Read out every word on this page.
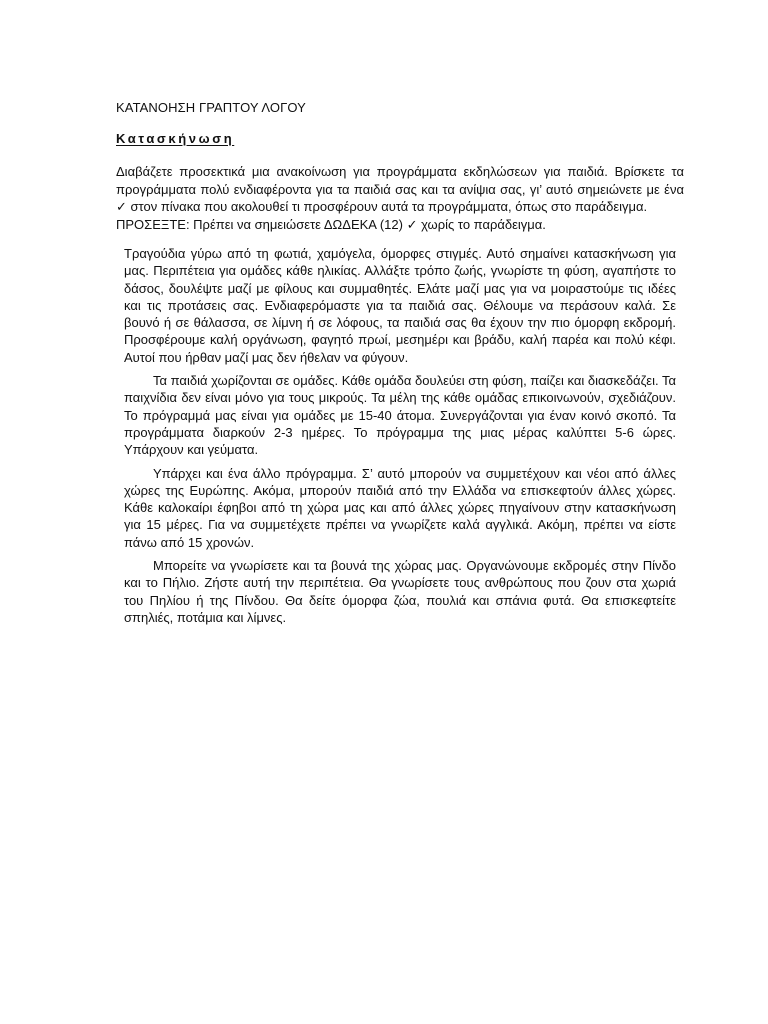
ΚΑΤΑΝΟΗΣΗ ΓΡΑΠΤΟΥ ΛΟΓΟΥ
Κατασκήνωση

Διαβάζετε προσεκτικά μια ανακοίνωση για προγράμματα εκδηλώσεων για παιδιά. Βρίσκετε τα προγράμματα πολύ ενδιαφέροντα για τα παιδιά σας και τα ανίψια σας, γι’ αυτό σημειώνετε με ένα ✓ στον πίνακα που ακολουθεί τι προσφέρουν αυτά τα προγράμματα, όπως στο παράδειγμα.

ΠΡΟΣΕΞΤΕ: Πρέπει να σημειώσετε ΔΩΔΕΚΑ (12) ✓ χωρίς το παράδειγμα.

Τραγούδια γύρω από τη φωτιά, χαμόγελα, όμορφες στιγμές. Αυτό σημαίνει κατασκήνωση για μας. Περιπέτεια για ομάδες κάθε ηλικίας. Αλλάξτε τρόπο ζωής, γνωρίστε τη φύση, αγαπήστε το δάσος, δουλέψτε μαζί με φίλους και συμμαθητές. Ελάτε μαζί μας για να μοιραστούμε τις ιδέες και τις προτάσεις σας. Ενδιαφερόμαστε για τα παιδιά σας. Θέλουμε να περάσουν καλά. Σε βουνό ή σε θάλασσα, σε λίμνη ή σε λόφους, τα παιδιά σας θα έχουν την πιο όμορφη εκδρομή. Προσφέρουμε καλή οργάνωση, φαγητό πρωί, μεσημέρι και βράδυ, καλή παρέα και πολύ κέφι. Αυτοί που ήρθαν μαζί μας δεν ήθελαν να φύγουν.

Τα παιδιά χωρίζονται σε ομάδες. Κάθε ομάδα δουλεύει στη φύση, παίζει και διασκεδάζει. Τα παιχνίδια δεν είναι μόνο για τους μικρούς. Τα μέλη της κάθε ομάδας επικοινωνούν, σχεδιάζουν. Το πρόγραμμά μας είναι για ομάδες με 15-40 άτομα. Συνεργάζονται για έναν κοινό σκοπό. Τα προγράμματα διαρκούν 2-3 ημέρες. Το πρόγραμμα της μιας μέρας καλύπτει 5-6 ώρες. Υπάρχουν και γεύματα.

Υπάρχει και ένα άλλο πρόγραμμα. Σ’ αυτό μπορούν να συμμετέχουν και νέοι από άλλες χώρες της Ευρώπης. Ακόμα, μπορούν παιδιά από την Ελλάδα να επισκεφτούν άλλες χώρες. Κάθε καλοκαίρι έφηβοι από τη χώρα μας και από άλλες χώρες πηγαίνουν στην κατασκήνωση για 15 μέρες. Για να συμμετέχετε πρέπει να γνωρίζετε καλά αγγλικά. Ακόμη, πρέπει να είστε πάνω από 15 χρονών.

Μπορείτε να γνωρίσετε και τα βουνά της χώρας μας. Οργανώνουμε εκδρομές στην Πίνδο και το Πήλιο. Ζήστε αυτή την περιπέτεια. Θα γνωρίσετε τους ανθρώπους που ζουν στα χωριά του Πηλίου ή της Πίνδου. Θα δείτε όμορφα ζώα, πουλιά και σπάνια φυτά. Θα επισκεφτείτε σπηλιές, ποτάμια και λίμνες.
